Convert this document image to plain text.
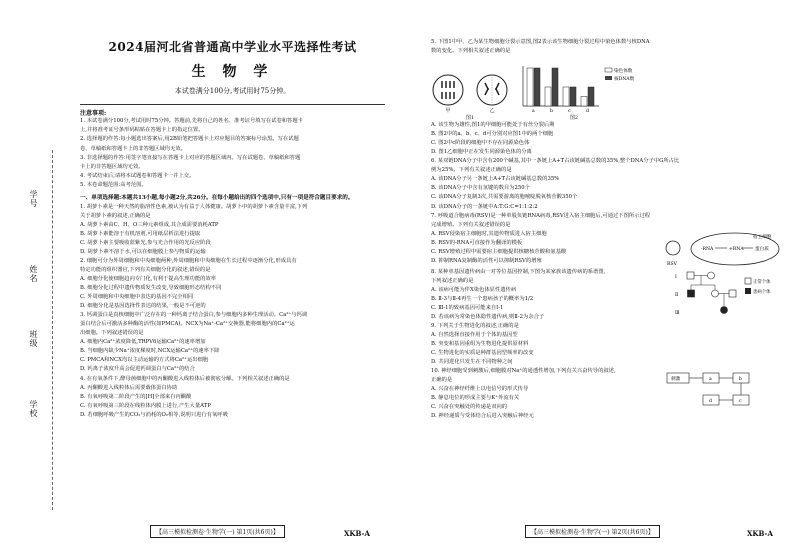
学号
姓名
班级
学校
2024届河北省普通高中学业水平选择性考试
生 物 学
本试卷满分100分,考试用时75分钟。
注意事项:
1. 本试卷满分100分,考试用时75分钟。答题前,先将自己的姓名、准考证号填写在试卷和答题卡
上,并将准考证号条形码粘贴在答题卡上的指定位置。
2. 选择题的作答:每小题选出答案后,用2B铅笔把答题卡上对应题目的答案标号涂黑。写在试题
卷、草稿纸和答题卡上的非答题区域均无效。
3. 非选择题的作答:用签字笔直接写在答题卡上对应的答题区域内。写在试题卷、草稿纸和答题
卡上的非答题区域均无效。
4. 考试结束后,请将本试题卷和答题卡一并上交。
5. 本卷命题范围:高考范围。
一、单项选择题:本题共13小题,每小题2分,共26分。在每小题给出的四个选项中,只有一项是符合题目要求的。
1. 胡萝卜素是一种天然的脂溶性色素,被认为有益于人体健康。胡萝卜中的胡萝卜素含量丰富,下列
关于胡萝卜素的叙述,正确的是
A. 胡萝卜素由C、H、O三种元素组成,其合成需要消耗ATP
B. 胡萝卜素能溶于有机溶剂,可用纸层析法进行提取
C. 胡萝卜素主要吸收蓝紫光,参与光合作用的光反应阶段
D. 胡萝卜素不溶于水,可以在细胞膜上参与物质的运输
2. 细胞可分为外周细胞和中央细胞两种,外周细胞和中央细胞在生长过程中逐渐分化,形成具有
特定功能的组织器官,下列有关细胞分化的叙述,错误的是
A. 细胞分化使细胞趋向专门化,有利于提高生理功能的效率
B. 细胞分化过程中遗传物质发生改变,导致细胞形态结构不同
C. 外周细胞和中央细胞中表达的基因不完全相同
D. 细胞分化是基因选择性表达的结果,一般是不可逆的
3. 钙调蛋白是真核细胞中广泛存在的一种钙离子结合蛋白,参与细胞内多种生理活动。Ca²⁺与钙调
蛋白结合后可激活多种酶的活性(如PMCA)。NCX为Na⁺-Ca²⁺交换器,能将细胞内的Ca²⁺运
出细胞。下列叙述错误的是
A. 细胞内Ca²⁺浓度降低,TRPV6运输Ca²⁺的速率增加
B. 当细胞内缺少Na⁺浓度梯度时,NCX运输Ca²⁺的速率下降
C. PMCA和NCX均以主动运输的方式将Ca²⁺运出细胞
D. 钙离子浓度升高会促进钙调蛋白与Ca²⁺的结合
4. 在有氧条件下,酵母菌细胞中的丙酮酸进入线粒体后被彻底分解。下列相关叙述正确的是
A. 丙酮酸进入线粒体后需要载体蛋白协助
B. 有氧呼吸第二阶段产生的[H]全部来自丙酮酸
C. 有氧呼吸第三阶段在线粒体内膜上进行,产生大量ATP
D. 若细胞呼吸产生的CO₂与消耗的O₂相等,说明只进行有氧呼吸
【高三模拟检测卷·生物学(一) 第1页(共6页)】	XKB-A
5. 下图1中甲、乙为某生物细胞分裂示意图,图2表示该生物细胞分裂过程中染色体数与核DNA
数的变化。下列相关叙述正确的是
甲	乙
图1
a	b	c	d
染色体数
核DNA数
图2
A. 该生物为雄性,图1的甲细胞可能处于有丝分裂后期
B. 图2中的a、b、c、d可分别对应图1中的两个细胞
C. 图2中c阶段的细胞中不存在同源染色体
D. 图1乙细胞中正在发生同源染色体的分离
6. 某双链DNA分子中含有200个碱基,其中一条链上A+T占该链碱基总数的35%,整个DNA分子中G所占比
例为25%。下列有关叙述正确的是
A. 该DNA分子另一条链上A+T占该链碱基总数的35%
B. 该DNA分子中含有氢键的数目为250个
C. 该DNA分子复制3次,共需要游离的胞嘧啶脱氧核苷酸350个
D. 该DNA分子的一条链中A:T:G:C=1:1:2:2
7. 呼吸道合胞病毒(RSV)是一种单股负链RNA病毒,RSV进入宿主细胞后,可通过下图所示过程
完成增殖。下列有关叙述错误的是
A. RSV侵染宿主细胞时,其遗传物质进入宿主细胞
B. RSV的-RNA可直接作为翻译的模板
C. RSV增殖过程中需要宿主细胞提供核糖核苷酸和氨基酸
D. 抑制RNA复制酶的活性可以抑制RSV的增殖
RSV
宿主细胞
-RNA	+RNA 蛋白质
8. 某种单基因遗传病由一对等位基因控制,下图为某家族该遗传病的系谱图,
下列叙述正确的是
A. 该病可能为伴X染色体显性遗传病
B. Ⅱ-3与Ⅱ-4再生一个患病孩子的概率为1/2
C. Ⅲ-1的致病基因可能来自Ⅰ-1
D. 若该病为常染色体隐性遗传病,则Ⅱ-2为杂合子
9. 下列关于生物进化的叙述,正确的是
A. 自然选择直接作用于个体的基因型
B. 突变和基因重组为生物进化提供原材料
C. 生物进化的实质是种群基因型频率的改变
D. 共同进化只发生在不同物种之间
Ⅰ
Ⅱ
Ⅲ
正常个体
患病个体
10. 神经细胞受到刺激后,细胞膜对Na⁺的通透性增加,下列有关兴奋传导的叙述,
正确的是
A. 兴奋在神经纤维上以电信号的形式传导
B. 静息电位的形成主要与K⁺外流有关
C. 兴奋在突触处的传递是双向的
D. 神经递质与受体结合后进入突触后神经元
刺激	a	b
c
d
【高三模拟检测卷·生物学(一) 第2页(共6页)】	XKB-A
